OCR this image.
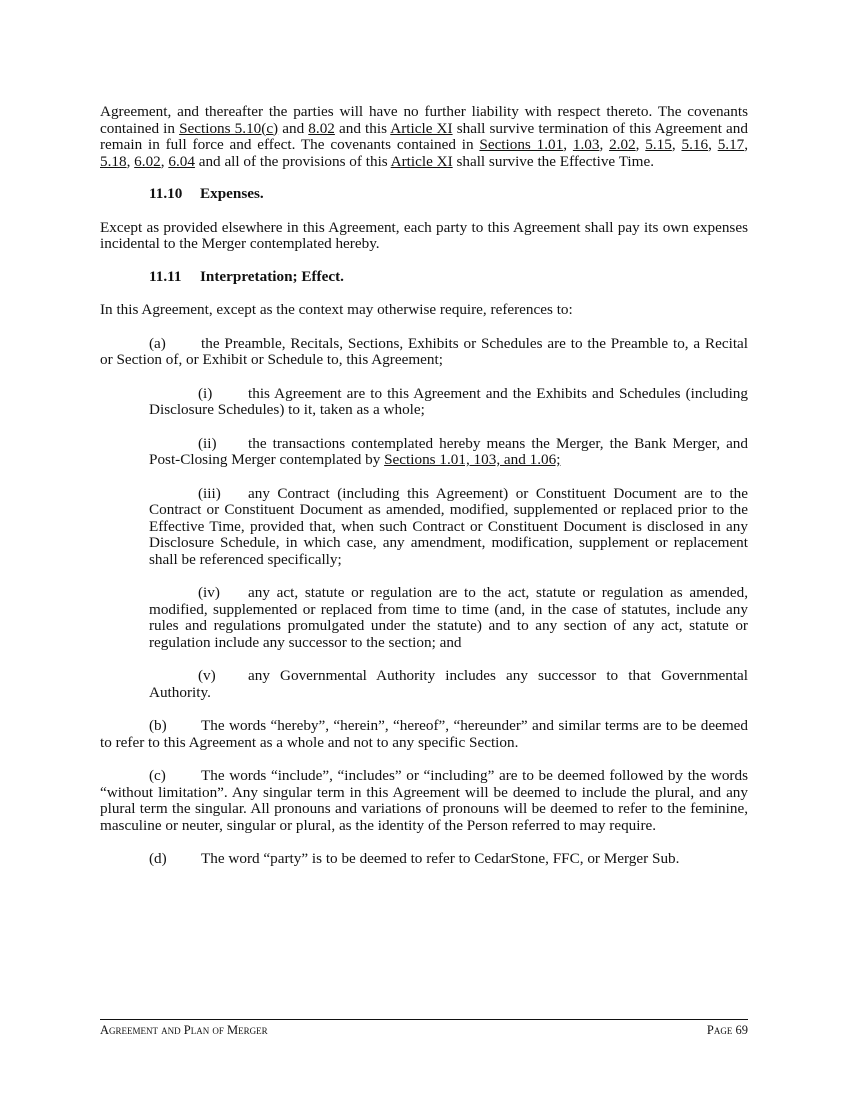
Agreement, and thereafter the parties will have no further liability with respect thereto. The covenants contained in Sections 5.10(c) and 8.02 and this Article XI shall survive termination of this Agreement and remain in full force and effect. The covenants contained in Sections 1.01, 1.03, 2.02, 5.15, 5.16, 5.17, 5.18, 6.02, 6.04 and all of the provisions of this Article XI shall survive the Effective Time.

11.10 Expenses.

Except as provided elsewhere in this Agreement, each party to this Agreement shall pay its own expenses incidental to the Merger contemplated hereby.

11.11 Interpretation; Effect.

In this Agreement, except as the context may otherwise require, references to:

(a) the Preamble, Recitals, Sections, Exhibits or Schedules are to the Preamble to, a Recital or Section of, or Exhibit or Schedule to, this Agreement;

(i) this Agreement are to this Agreement and the Exhibits and Schedules (including Disclosure Schedules) to it, taken as a whole;

(ii) the transactions contemplated hereby means the Merger, the Bank Merger, and Post-Closing Merger contemplated by Sections 1.01, 103, and 1.06;

(iii) any Contract (including this Agreement) or Constituent Document are to the Contract or Constituent Document as amended, modified, supplemented or replaced prior to the Effective Time, provided that, when such Contract or Constituent Document is disclosed in any Disclosure Schedule, in which case, any amendment, modification, supplement or replacement shall be referenced specifically;

(iv) any act, statute or regulation are to the act, statute or regulation as amended, modified, supplemented or replaced from time to time (and, in the case of statutes, include any rules and regulations promulgated under the statute) and to any section of any act, statute or regulation include any successor to the section; and

(v) any Governmental Authority includes any successor to that Governmental Authority.

(b) The words “hereby”, “herein”, “hereof”, “hereunder” and similar terms are to be deemed to refer to this Agreement as a whole and not to any specific Section.

(c) The words “include”, “includes” or “including” are to be deemed followed by the words “without limitation”. Any singular term in this Agreement will be deemed to include the plural, and any plural term the singular. All pronouns and variations of pronouns will be deemed to refer to the feminine, masculine or neuter, singular or plural, as the identity of the Person referred to may require.

(d) The word “party” is to be deemed to refer to CedarStone, FFC, or Merger Sub.

Agreement and Plan of Merger	Page 69
